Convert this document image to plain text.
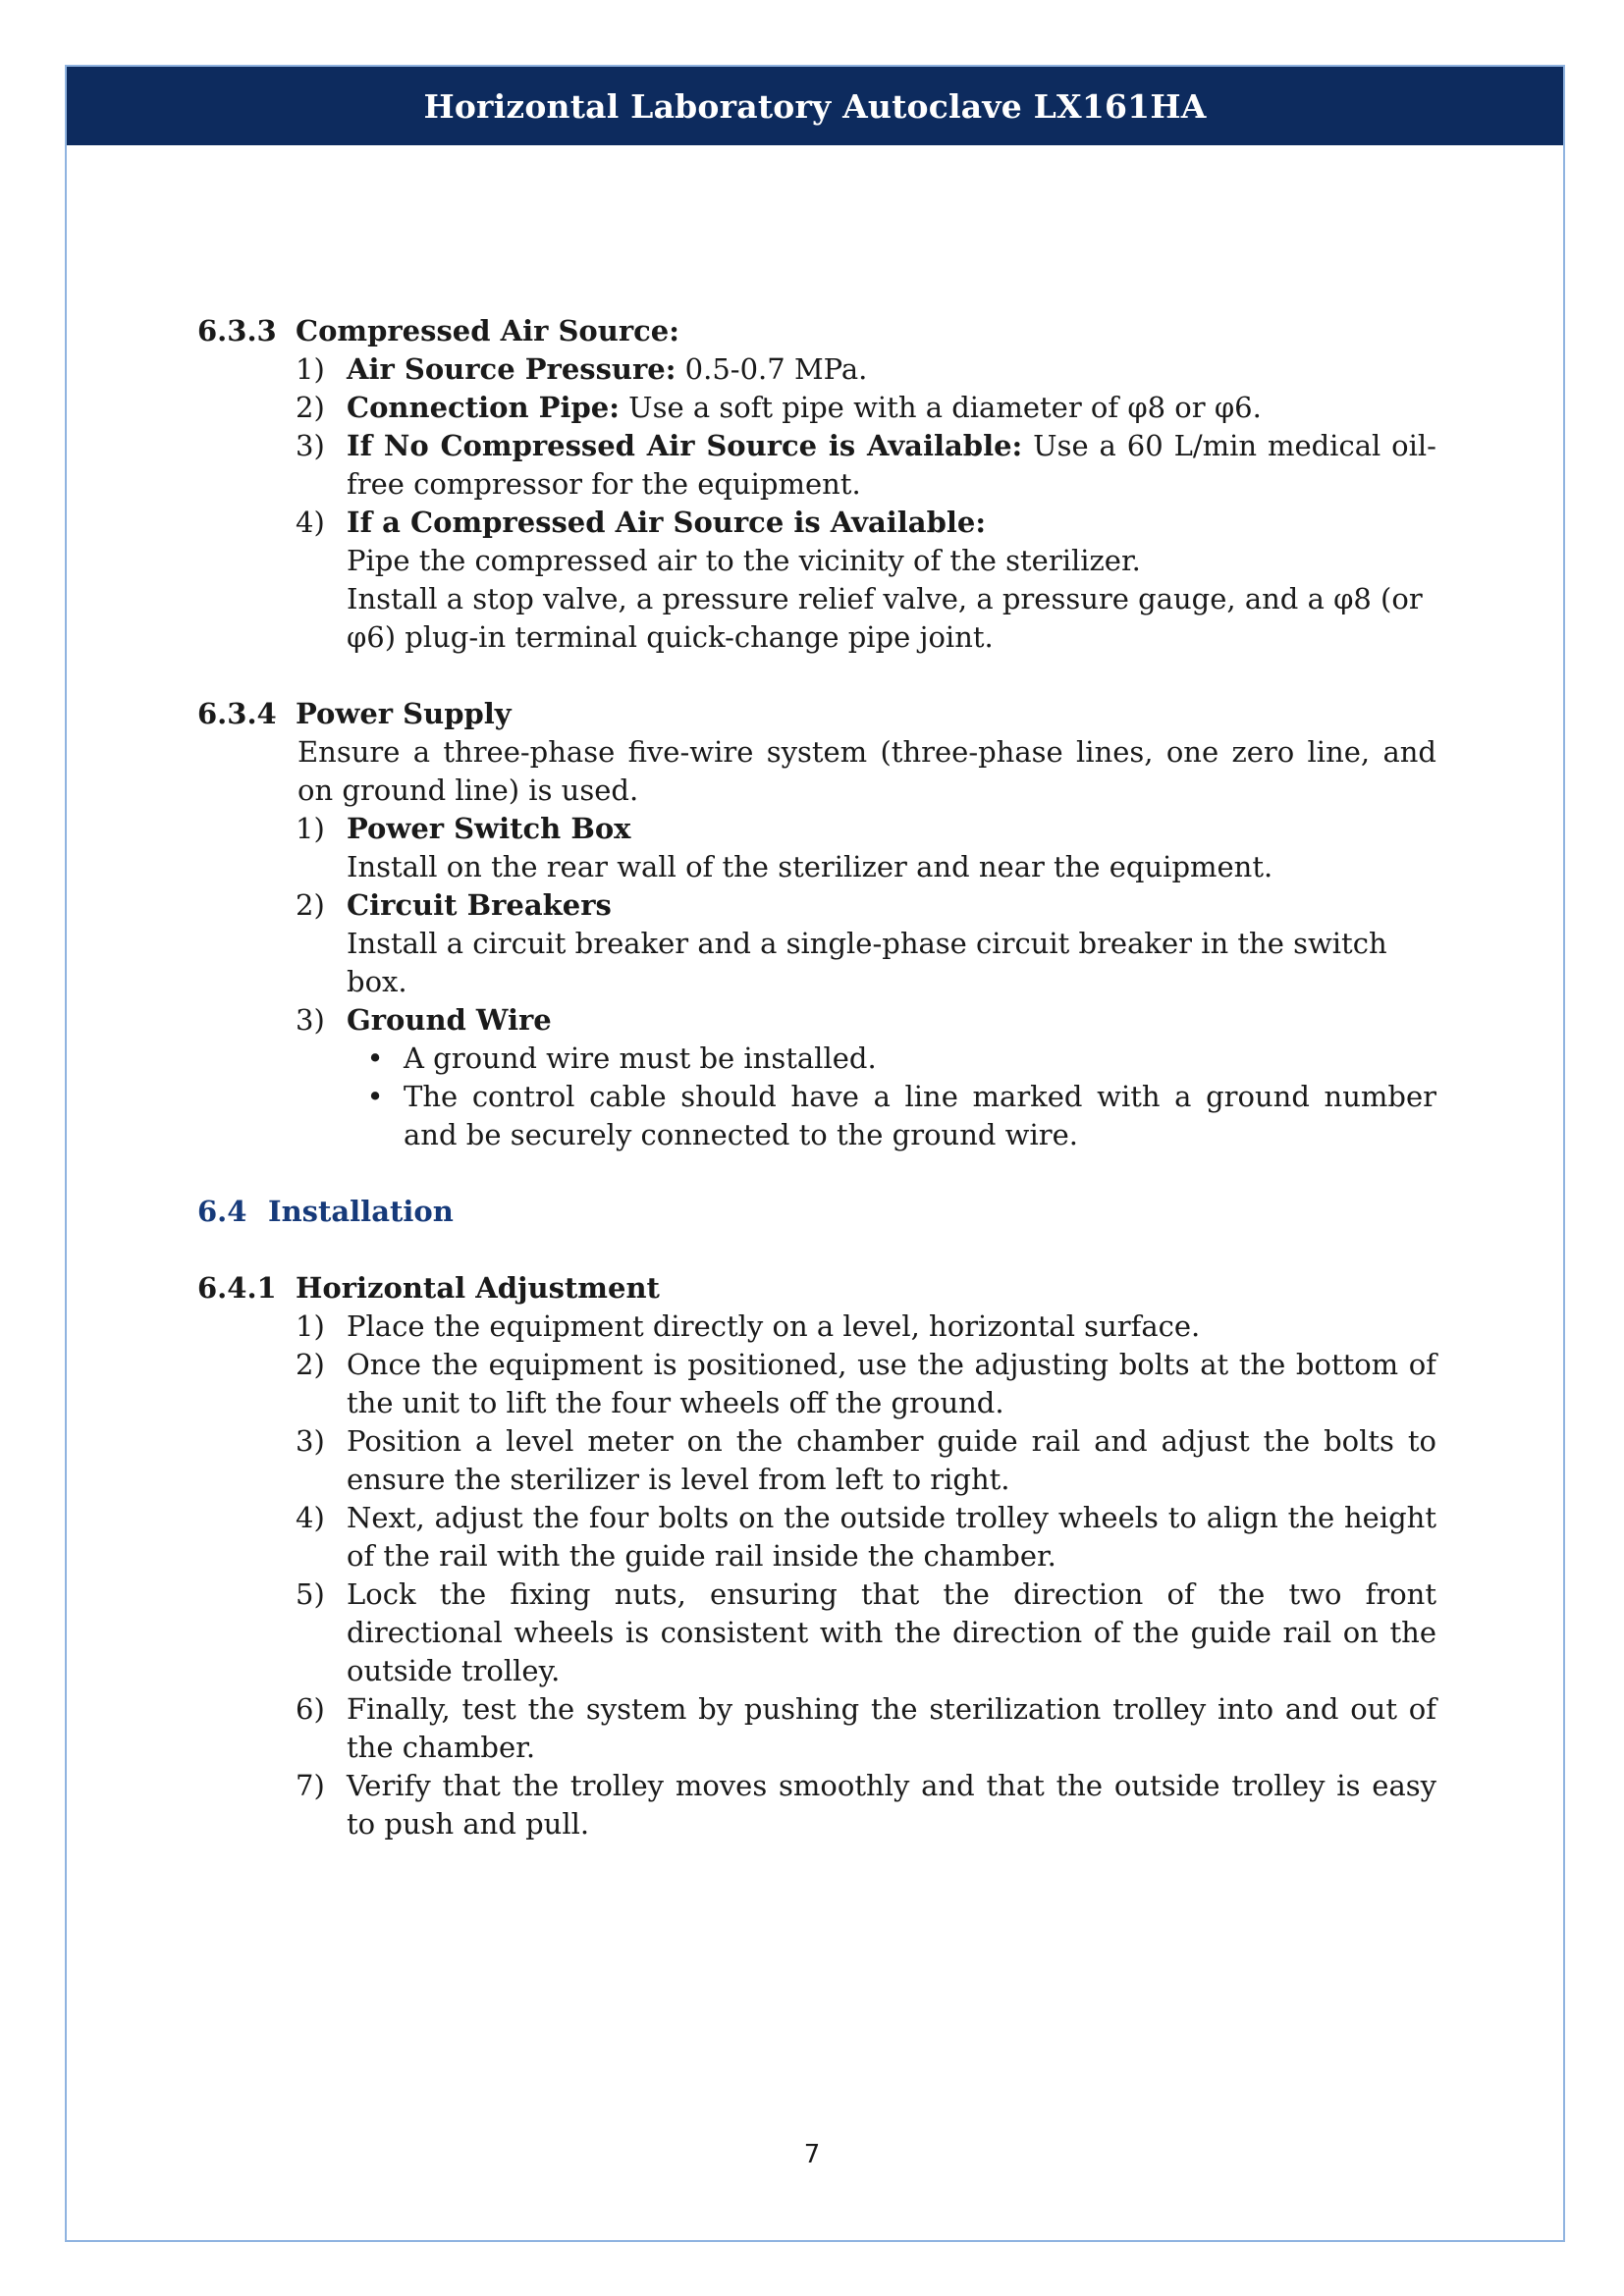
Horizontal Laboratory Autoclave LX161HA
6.3.3 Compressed Air Source:
1) Air Source Pressure: 0.5-0.7 MPa.
2) Connection Pipe: Use a soft pipe with a diameter of φ8 or φ6.
3) If No Compressed Air Source is Available: Use a 60 L/min medical oil-free compressor for the equipment.
4) If a Compressed Air Source is Available:
Pipe the compressed air to the vicinity of the sterilizer.
Install a stop valve, a pressure relief valve, a pressure gauge, and a φ8 (or φ6) plug-in terminal quick-change pipe joint.
6.3.4 Power Supply
Ensure a three-phase five-wire system (three-phase lines, one zero line, and on ground line) is used.
1) Power Switch Box
Install on the rear wall of the sterilizer and near the equipment.
2) Circuit Breakers
Install a circuit breaker and a single-phase circuit breaker in the switch box.
3) Ground Wire
• A ground wire must be installed.
• The control cable should have a line marked with a ground number and be securely connected to the ground wire.
6.4 Installation
6.4.1 Horizontal Adjustment
1) Place the equipment directly on a level, horizontal surface.
2) Once the equipment is positioned, use the adjusting bolts at the bottom of the unit to lift the four wheels off the ground.
3) Position a level meter on the chamber guide rail and adjust the bolts to ensure the sterilizer is level from left to right.
4) Next, adjust the four bolts on the outside trolley wheels to align the height of the rail with the guide rail inside the chamber.
5) Lock the fixing nuts, ensuring that the direction of the two front directional wheels is consistent with the direction of the guide rail on the outside trolley.
6) Finally, test the system by pushing the sterilization trolley into and out of the chamber.
7) Verify that the trolley moves smoothly and that the outside trolley is easy to push and pull.
7
